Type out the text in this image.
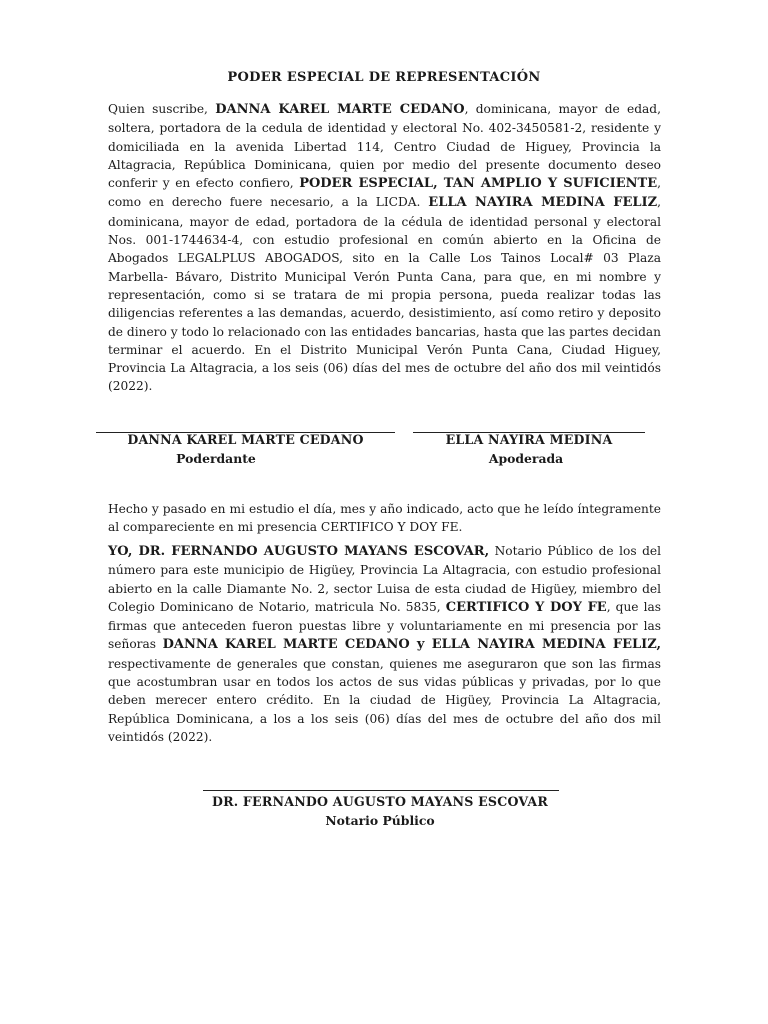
PODER ESPECIAL DE REPRESENTACIÓN

Quien suscribe, DANNA KAREL MARTE CEDANO, dominicana, mayor de edad, soltera, portadora de la cedula de identidad y electoral No. 402-3450581-2, residente y domiciliada en la avenida Libertad 114, Centro Ciudad de Higuey, Provincia la Altagracia, República Dominicana, quien por medio del presente documento deseo conferir y en efecto confiero, PODER ESPECIAL, TAN AMPLIO Y SUFICIENTE, como en derecho fuere necesario, a la LICDA. ELLA NAYIRA MEDINA FELIZ, dominicana, mayor de edad, portadora de la cédula de identidad personal y electoral Nos. 001-1744634-4, con estudio profesional en común abierto en la Oficina de Abogados LEGALPLUS ABOGADOS, sito en la Calle Los Tainos Local# 03 Plaza Marbella- Bávaro, Distrito Municipal Verón Punta Cana, para que, en mi nombre y representación, como si se tratara de mi propia persona, pueda realizar todas las diligencias referentes a las demandas, acuerdo, desistimiento, así como retiro y deposito de dinero y todo lo relacionado con las entidades bancarias, hasta que las partes decidan terminar el acuerdo. En el Distrito Municipal Verón Punta Cana, Ciudad Higuey, Provincia La Altagracia, a los seis (06) días del mes de octubre del año dos mil veintidós (2022).

DANNA KAREL MARTE CEDANO
Poderdante
ELLA NAYIRA MEDINA
Apoderada

Hecho y pasado en mi estudio el día, mes y año indicado, acto que he leído íntegramente al compareciente en mi presencia CERTIFICO Y DOY FE.

YO, DR. FERNANDO AUGUSTO MAYANS ESCOVAR, Notario Público de los del número para este municipio de Higüey, Provincia La Altagracia, con estudio profesional abierto en la calle Diamante No. 2, sector Luisa de esta ciudad de Higüey, miembro del Colegio Dominicano de Notario, matricula No. 5835, CERTIFICO Y DOY FE, que las firmas que anteceden fueron puestas libre y voluntariamente en mi presencia por las señoras DANNA KAREL MARTE CEDANO y ELLA NAYIRA MEDINA FELIZ, respectivamente de generales que constan, quienes me aseguraron que son las firmas que acostumbran usar en todos los actos de sus vidas públicas y privadas, por lo que deben merecer entero crédito. En la ciudad de Higüey, Provincia La Altagracia, República Dominicana, a los a los seis (06) días del mes de octubre del año dos mil veintidós (2022).

DR. FERNANDO AUGUSTO MAYANS ESCOVAR
Notario Público
